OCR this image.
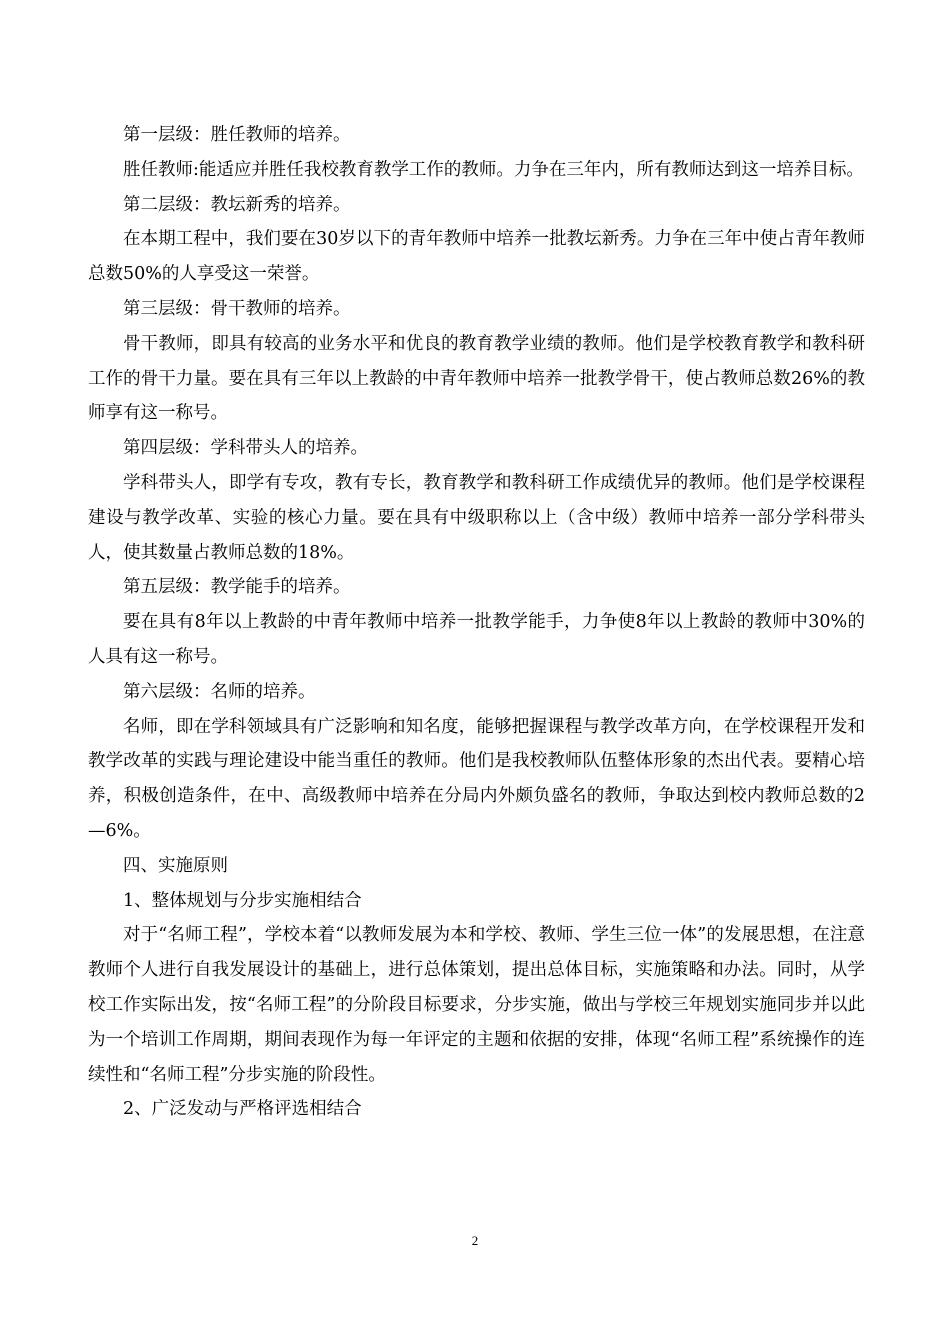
第一层级：胜任教师的培养。

胜任教师:能适应并胜任我校教育教学工作的教师。力争在三年内，所有教师达到这一培养目标。

第二层级：教坛新秀的培养。

在本期工程中，我们要在30岁以下的青年教师中培养一批教坛新秀。力争在三年中使占青年教师总数50%的人享受这一荣誉。

第三层级：骨干教师的培养。

骨干教师，即具有较高的业务水平和优良的教育教学业绩的教师。他们是学校教育教学和教科研工作的骨干力量。要在具有三年以上教龄的中青年教师中培养一批教学骨干，使占教师总数26%的教师享有这一称号。

第四层级：学科带头人的培养。

学科带头人，即学有专攻，教有专长，教育教学和教科研工作成绩优异的教师。他们是学校课程建设与教学改革、实验的核心力量。要在具有中级职称以上（含中级）教师中培养一部分学科带头人，使其数量占教师总数的18%。

第五层级：教学能手的培养。

要在具有8年以上教龄的中青年教师中培养一批教学能手，力争使8年以上教龄的教师中30%的人具有这一称号。

第六层级：名师的培养。

名师，即在学科领域具有广泛影响和知名度，能够把握课程与教学改革方向，在学校课程开发和教学改革的实践与理论建设中能当重任的教师。他们是我校教师队伍整体形象的杰出代表。要精心培养，积极创造条件，在中、高级教师中培养在分局内外颇负盛名的教师，争取达到校内教师总数的2—6%。

四、实施原则

1、整体规划与分步实施相结合

对于“名师工程”，学校本着“以教师发展为本和学校、教师、学生三位一体”的发展思想，在注意教师个人进行自我发展设计的基础上，进行总体策划，提出总体目标，实施策略和办法。同时，从学校工作实际出发，按“名师工程”的分阶段目标要求，分步实施，做出与学校三年规划实施同步并以此为一个培训工作周期，期间表现作为每一年评定的主题和依据的安排，体现“名师工程”系统操作的连续性和“名师工程”分步实施的阶段性。

2、广泛发动与严格评选相结合

2
